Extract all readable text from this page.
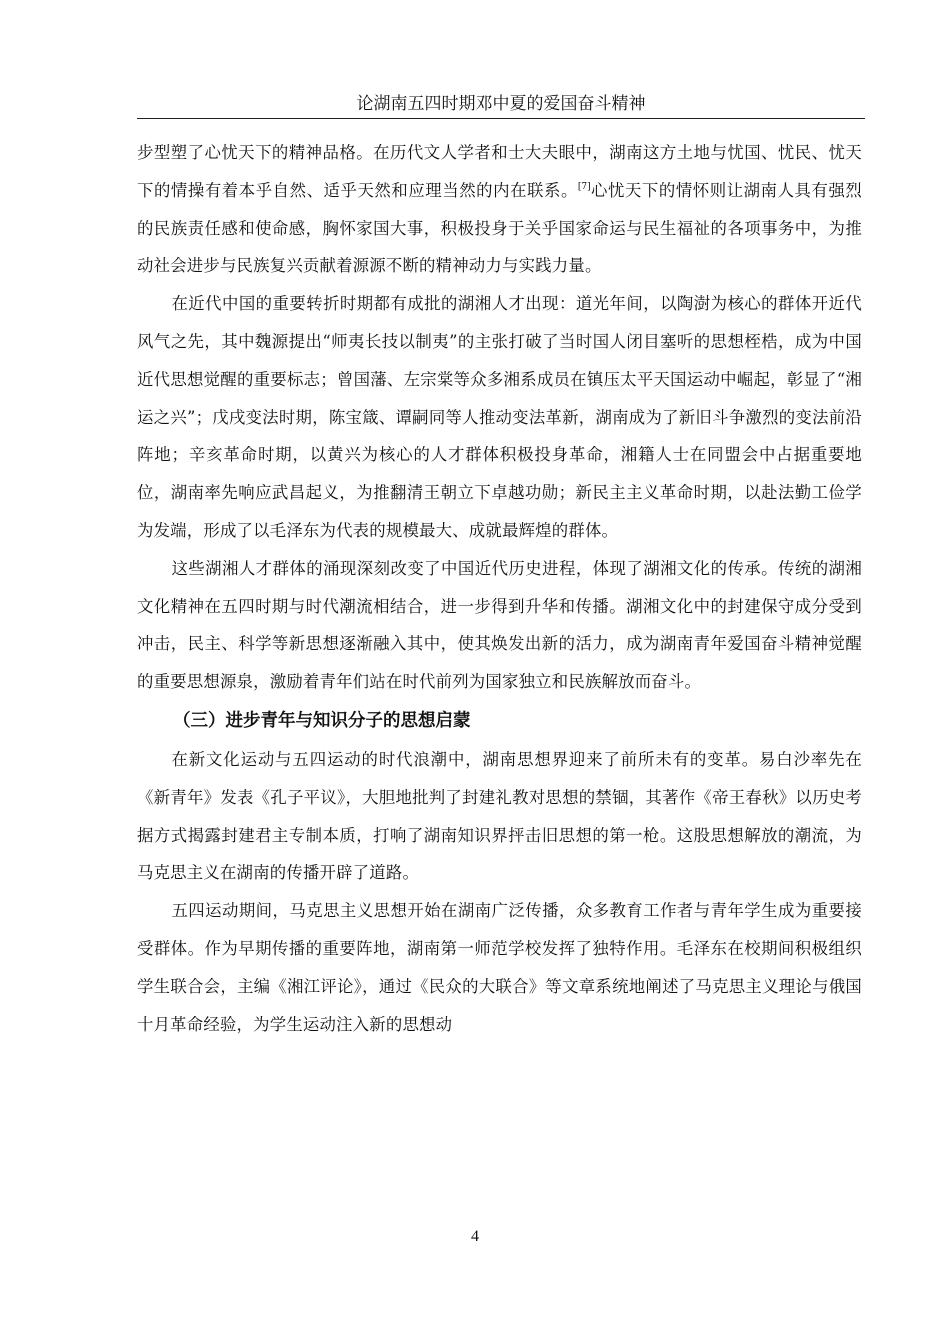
论湖南五四时期邓中夏的爱国奋斗精神

步型塑了心忧天下的精神品格。在历代文人学者和士大夫眼中，湖南这方土地与忧国、忧民、忧天下的情操有着本乎自然、适乎天然和应理当然的内在联系。[7]心忧天下的情怀则让湖南人具有强烈的民族责任感和使命感，胸怀家国大事，积极投身于关乎国家命运与民生福祉的各项事务中，为推动社会进步与民族复兴贡献着源源不断的精神动力与实践力量。

在近代中国的重要转折时期都有成批的湖湘人才出现：道光年间，以陶澍为核心的群体开近代风气之先，其中魏源提出“师夷长技以制夷”的主张打破了当时国人闭目塞听的思想桎梏，成为中国近代思想觉醒的重要标志；曾国藩、左宗棠等众多湘系成员在镇压太平天国运动中崛起，彰显了“湘运之兴”；戊戌变法时期，陈宝箴、谭嗣同等人推动变法革新，湖南成为了新旧斗争激烈的变法前沿阵地；辛亥革命时期，以黄兴为核心的人才群体积极投身革命，湘籍人士在同盟会中占据重要地位，湖南率先响应武昌起义，为推翻清王朝立下卓越功勋；新民主主义革命时期，以赴法勤工俭学为发端，形成了以毛泽东为代表的规模最大、成就最辉煌的群体。

这些湖湘人才群体的涌现深刻改变了中国近代历史进程，体现了湖湘文化的传承。传统的湖湘文化精神在五四时期与时代潮流相结合，进一步得到升华和传播。湖湘文化中的封建保守成分受到冲击，民主、科学等新思想逐渐融入其中，使其焕发出新的活力，成为湖南青年爱国奋斗精神觉醒的重要思想源泉，激励着青年们站在时代前列为国家独立和民族解放而奋斗。

（三）进步青年与知识分子的思想启蒙

在新文化运动与五四运动的时代浪潮中，湖南思想界迎来了前所未有的变革。易白沙率先在《新青年》发表《孔子平议》，大胆地批判了封建礼教对思想的禁锢，其著作《帝王春秋》以历史考据方式揭露封建君主专制本质，打响了湖南知识界抨击旧思想的第一枪。这股思想解放的潮流，为马克思主义在湖南的传播开辟了道路。

五四运动期间，马克思主义思想开始在湖南广泛传播，众多教育工作者与青年学生成为重要接受群体。作为早期传播的重要阵地，湖南第一师范学校发挥了独特作用。毛泽东在校期间积极组织学生联合会，主编《湘江评论》，通过《民众的大联合》等文章系统地阐述了马克思主义理论与俄国十月革命经验，为学生运动注入新的思想动

4
